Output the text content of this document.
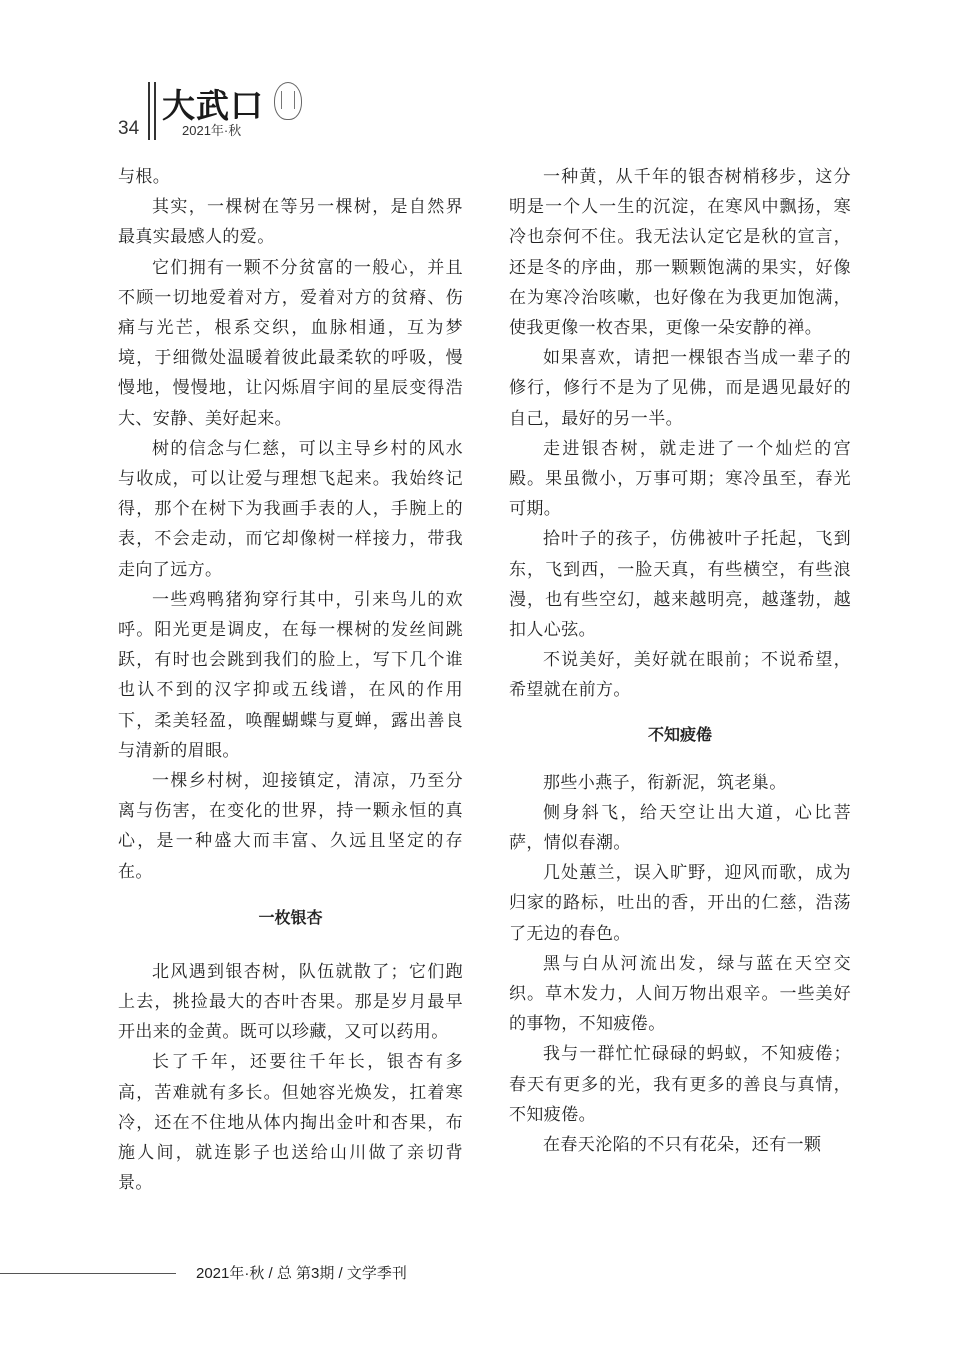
34
大武口
2021年·秋

与根。

其实，一棵树在等另一棵树，是自然界最真实最感人的爱。

它们拥有一颗不分贫富的一般心，并且不顾一切地爱着对方，爱着对方的贫瘠、伤痛与光芒，根系交织，血脉相通，互为梦境，于细微处温暖着彼此最柔软的呼吸，慢慢地，慢慢地，让闪烁眉宇间的星辰变得浩大、安静、美好起来。

树的信念与仁慈，可以主导乡村的风水与收成，可以让爱与理想飞起来。我始终记得，那个在树下为我画手表的人，手腕上的表，不会走动，而它却像树一样接力，带我走向了远方。

一些鸡鸭猪狗穿行其中，引来鸟儿的欢呼。阳光更是调皮，在每一棵树的发丝间跳跃，有时也会跳到我们的脸上，写下几个谁也认不到的汉字抑或五线谱，在风的作用下，柔美轻盈，唤醒蝴蝶与夏蝉，露出善良与清新的眉眼。

一棵乡村树，迎接镇定，清凉，乃至分离与伤害，在变化的世界，持一颗永恒的真心，是一种盛大而丰富、久远且坚定的存在。

一枚银杏

北风遇到银杏树，队伍就散了；它们跑上去，挑捡最大的杏叶杏果。那是岁月最早开出来的金黄。既可以珍藏，又可以药用。

长了千年，还要往千年长，银杏有多高，苦难就有多长。但她容光焕发，扛着寒冷，还在不住地从体内掏出金叶和杏果，布施人间，就连影子也送给山川做了亲切背景。

一种黄，从千年的银杏树梢移步，这分明是一个人一生的沉淀，在寒风中飘扬，寒冷也奈何不住。我无法认定它是秋的宣言，还是冬的序曲，那一颗颗饱满的果实，好像在为寒冷治咳嗽，也好像在为我更加饱满，使我更像一枚杏果，更像一朵安静的禅。

如果喜欢，请把一棵银杏当成一辈子的修行，修行不是为了见佛，而是遇见最好的自己，最好的另一半。

走进银杏树，就走进了一个灿烂的宫殿。果虽微小，万事可期；寒冷虽至，春光可期。

拾叶子的孩子，仿佛被叶子托起，飞到东，飞到西，一脸天真，有些横空，有些浪漫，也有些空幻，越来越明亮，越蓬勃，越扣人心弦。

不说美好，美好就在眼前；不说希望，希望就在前方。

不知疲倦

那些小燕子，衔新泥，筑老巢。

侧身斜飞，给天空让出大道，心比菩萨，情似春潮。

几处蕙兰，误入旷野，迎风而歌，成为归家的路标，吐出的香，开出的仁慈，浩荡了无边的春色。

黑与白从河流出发，绿与蓝在天空交织。草木发力，人间万物出艰辛。一些美好的事物，不知疲倦。

我与一群忙忙碌碌的蚂蚁，不知疲倦；春天有更多的光，我有更多的善良与真情，不知疲倦。

在春天沦陷的不只有花朵，还有一颗

2021年·秋 / 总 第3期 / 文学季刊
